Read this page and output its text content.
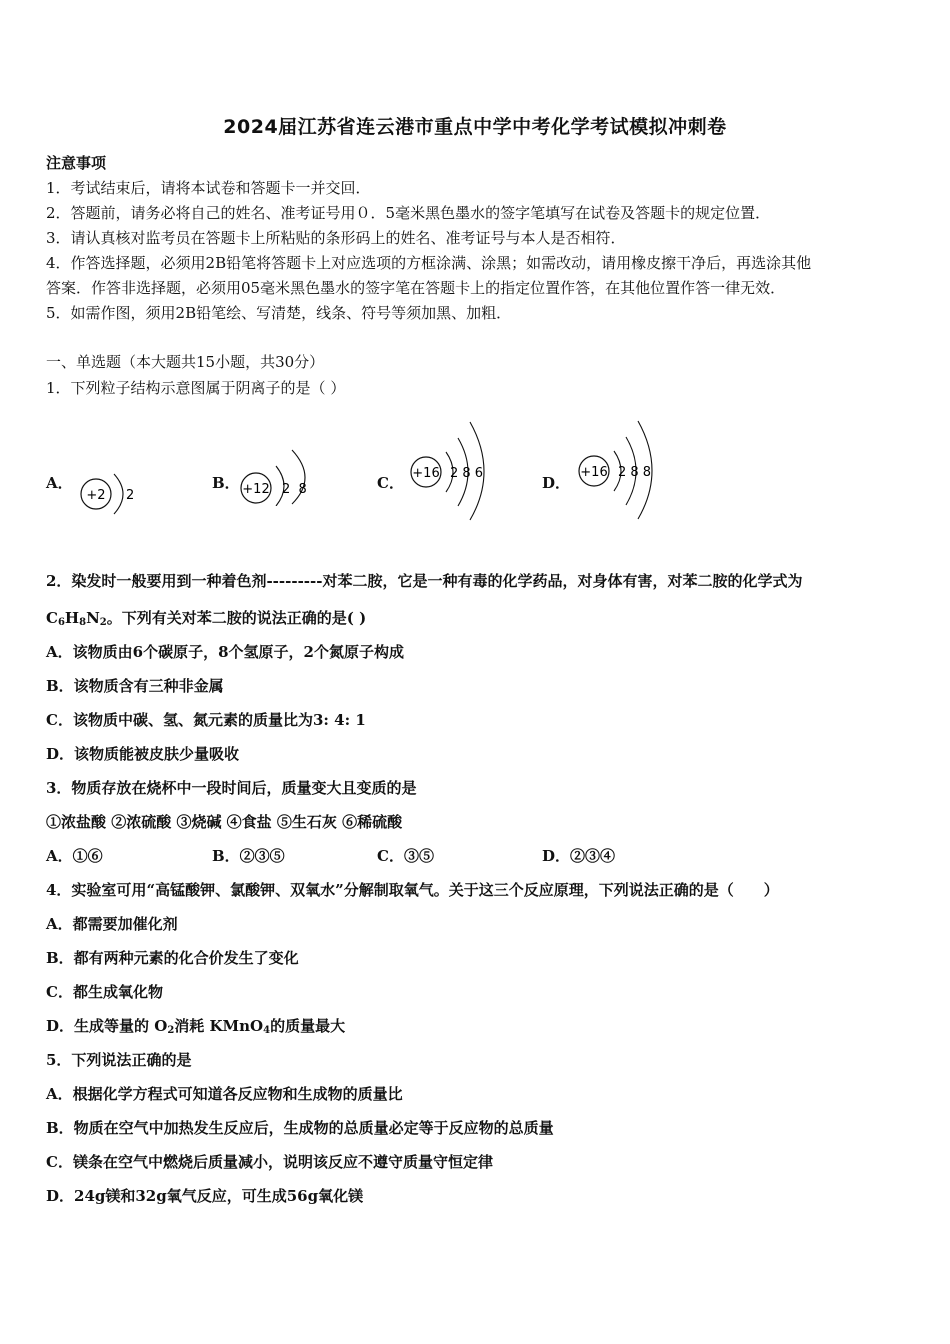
2024届江苏省连云港市重点中学中考化学考试模拟冲刺卷
注意事项
1．考试结束后，请将本试卷和答题卡一并交回．
2．答题前，请务必将自己的姓名、准考证号用０．5毫米黑色墨水的签字笔填写在试卷及答题卡的规定位置．
3．请认真核对监考员在答题卡上所粘贴的条形码上的姓名、准考证号与本人是否相符．
4．作答选择题，必须用2B铅笔将答题卡上对应选项的方框涂满、涂黑；如需改动，请用橡皮擦干净后，再选涂其他
答案．作答非选择题，必须用05毫米黑色墨水的签字笔在答题卡上的指定位置作答，在其他位置作答一律无效．
5．如需作图，须用2B铅笔绘、写清楚，线条、符号等须加黑、加粗．
一、单选题（本大题共15小题，共30分）
1．下列粒子结构示意图属于阴离子的是（ ）
A．
+2 2
B． +12 2  8	C．
+16 2 8 6
D．
+16 2 8 8
2．染发时一般要用到一种着色剂---------对苯二胺，它是一种有毒的化学药品，对身体有害，对苯二胺的化学式为
$C_6H_8N_2$。下列有关对苯二胺的说法正确的是( )
A．该物质由6个碳原子，8个氢原子，2个氮原子构成
B．该物质含有三种非金属
C．该物质中碳、氢、氮元素的质量比为3: 4: 1
D．该物质能被皮肤少量吸收
3．物质存放在烧杯中一段时间后，质量变大且变质的是
①浓盐酸 ②浓硫酸 ③烧碱 ④食盐 ⑤生石灰 ⑥稀硫酸
A．①⑥	B．②③⑤	C．③⑤	D．②③④
4．实验室可用“高锰酸钾、氯酸钾、双氧水”分解制取氧气。关于这三个反应原理，下列说法正确的是（　　）
A．都需要加催化剂
B．都有两种元素的化合价发生了变化
C．都生成氧化物
D．生成等量的 $O_2$消耗 KMnO$_4$的质量最大
5．下列说法正确的是
A．根据化学方程式可知道各反应物和生成物的质量比
B．物质在空气中加热发生反应后，生成物的总质量必定等于反应物的总质量
C．镁条在空气中燃烧后质量减小，说明该反应不遵守质量守恒定律
D．24g镁和32g氧气反应，可生成56g氧化镁
